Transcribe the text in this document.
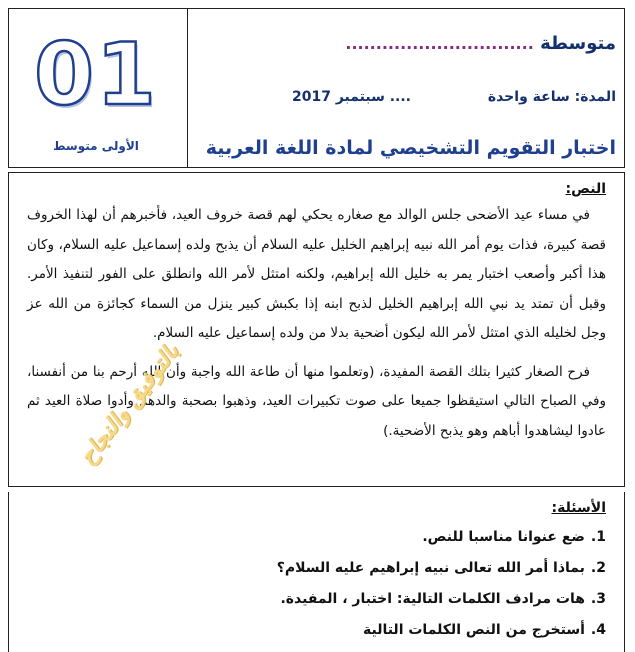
01
الأولى متوسط
متوسطة ...............................
المدة: ساعة واحدة
.... سبتمبر 2017
اختبار التقويم التشخيصي لمادة اللغة العربية
النص:

في مساء عيد الأضحى جلس الوالد مع صغاره يحكي لهم قصة خروف العيد، فأخبرهم أن لهذا الخروف قصة كبيرة، فذات يوم أمر الله نبيه إبراهيم الخليل عليه السلام أن يذبح ولده إسماعيل عليه السلام، وكان هذا أكبر وأصعب اختبار يمر به خليل الله إبراهيم، ولكنه امتثل لأمر الله وانطلق على الفور لتنفيذ الأمر. وقبل أن تمتد يد نبي الله إبراهيم الخليل لذبح ابنه إذا بكبش كبير ينزل من السماء كجائزة من الله عز وجل لخليله الذي امتثل لأمر الله ليكون أضحية بدلا من ولده إسماعيل عليه السلام.

فرح الصغار كثيرا بتلك القصة المفيدة، (وتعلموا منها أن طاعة الله واجبة وأن الله أرحم بنا من أنفسنا، وفي الصباح التالي استيقظوا جميعا على صوت تكبيرات العيد، وذهبوا بصحبة والدهم وأدوا صلاة العيد ثم عادوا ليشاهدوا أباهم وهو يذبح الأضحية.)

الأسئلة:
1.ضع عنوانا مناسبا للنص.
2.بماذا أمر الله تعالى نبيه إبراهيم عليه السلام؟
3.هات مرادف الكلمات التالية: اختبار ، المفيدة.
4.أستخرج من النص الكلمات التالية
بالتوفيق والنجاح
